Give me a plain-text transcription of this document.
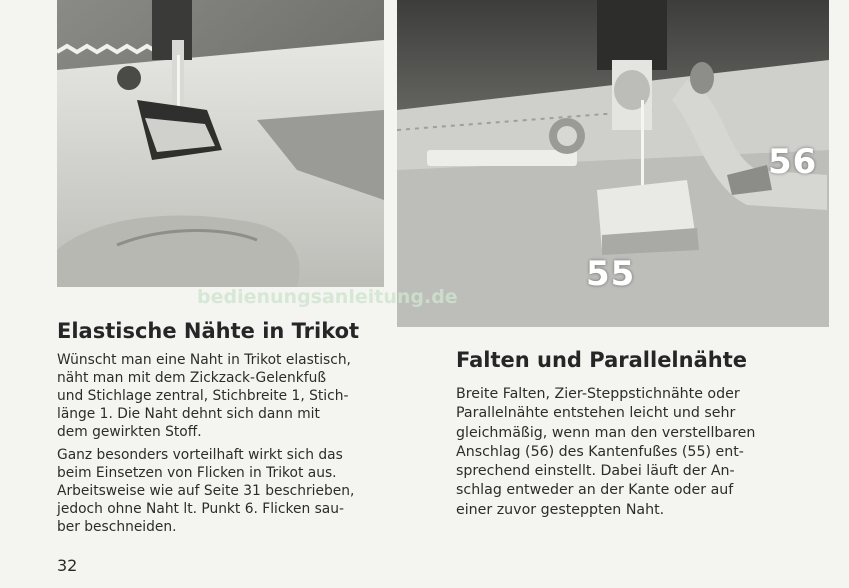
55
56
bedienungsanleitung.de
Elastische Nähte in Trikot

Wünscht man eine Naht in Trikot elastisch,
näht man mit dem Zickzack-Gelenkfuß
und Stichlage zentral, Stichbreite 1, Stich-
länge 1. Die Naht dehnt sich dann mit
dem gewirkten Stoff.

Ganz besonders vorteilhaft wirkt sich das
beim Einsetzen von Flicken in Trikot aus.
Arbeitsweise wie auf Seite 31 beschrieben,
jedoch ohne Naht lt. Punkt 6. Flicken sau-
ber beschneiden.

Falten und Parallelnähte

Breite Falten, Zier-Steppstichnähte oder
Parallelnähte entstehen leicht und sehr
gleichmäßig, wenn man den verstellbaren
Anschlag (56) des Kantenfußes (55) ent-
sprechend einstellt. Dabei läuft der An-
schlag entweder an der Kante oder auf
einer zuvor gesteppten Naht.

32
